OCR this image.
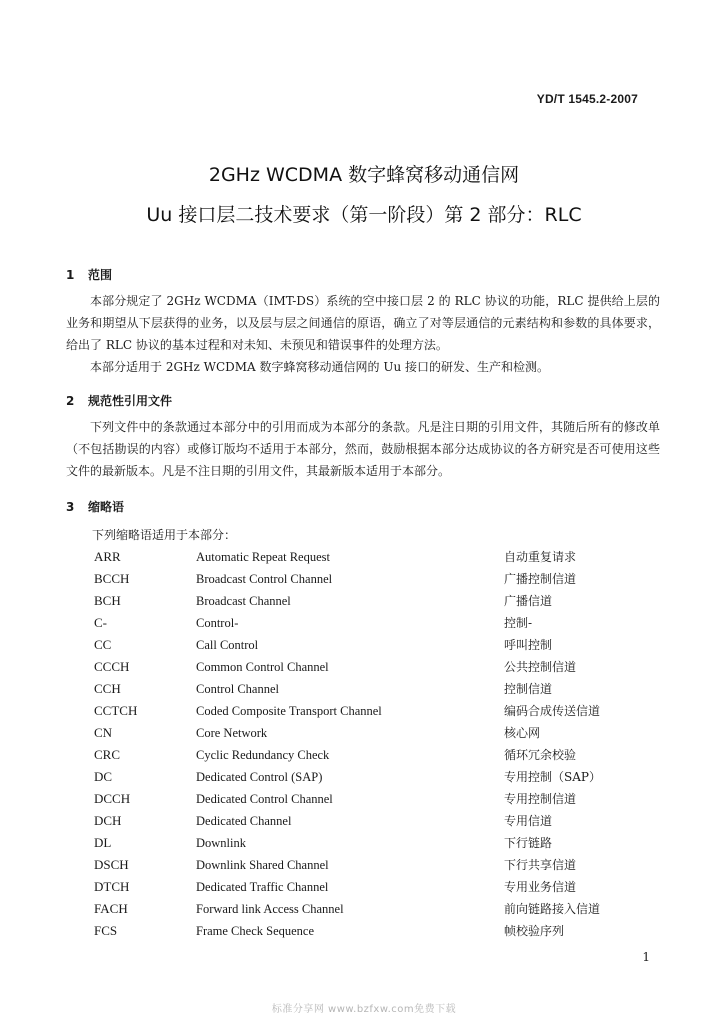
YD/T 1545.2-2007
2GHz WCDMA 数字蜂窝移动通信网
Uu 接口层二技术要求（第一阶段）第 2 部分：RLC
1 范围

本部分规定了 2GHz WCDMA（IMT-DS）系统的空中接口层 2 的 RLC 协议的功能，RLC 提供给上层的业务和期望从下层获得的业务，以及层与层之间通信的原语，确立了对等层通信的元素结构和参数的具体要求，给出了 RLC 协议的基本过程和对未知、未预见和错误事件的处理方法。

本部分适用于 2GHz WCDMA 数字蜂窝移动通信网的 Uu 接口的研发、生产和检测。

2 规范性引用文件

下列文件中的条款通过本部分中的引用而成为本部分的条款。凡是注日期的引用文件，其随后所有的修改单（不包括勘误的内容）或修订版均不适用于本部分，然而，鼓励根据本部分达成协议的各方研究是否可使用这些文件的最新版本。凡是不注日期的引用文件，其最新版本适用于本部分。

3 缩略语
下列缩略语适用于本部分：
ARR	Automatic Repeat Request	自动重复请求
BCCH	Broadcast Control Channel	广播控制信道
BCH	Broadcast Channel	广播信道
C-	Control-	控制-
CC	Call Control	呼叫控制
CCCH	Common Control Channel	公共控制信道
CCH	Control Channel	控制信道
CCTCH	Coded Composite Transport Channel	编码合成传送信道
CN	Core Network	核心网
CRC	Cyclic Redundancy Check	循环冗余校验
DC	Dedicated Control (SAP)	专用控制（SAP）
DCCH	Dedicated Control Channel	专用控制信道
DCH	Dedicated Channel	专用信道
DL	Downlink	下行链路
DSCH	Downlink Shared Channel	下行共享信道
DTCH	Dedicated Traffic Channel	专用业务信道
FACH	Forward link Access Channel	前向链路接入信道
FCS	Frame Check Sequence	帧校验序列
1
标准分享网 www.bzfxw.com免费下载
